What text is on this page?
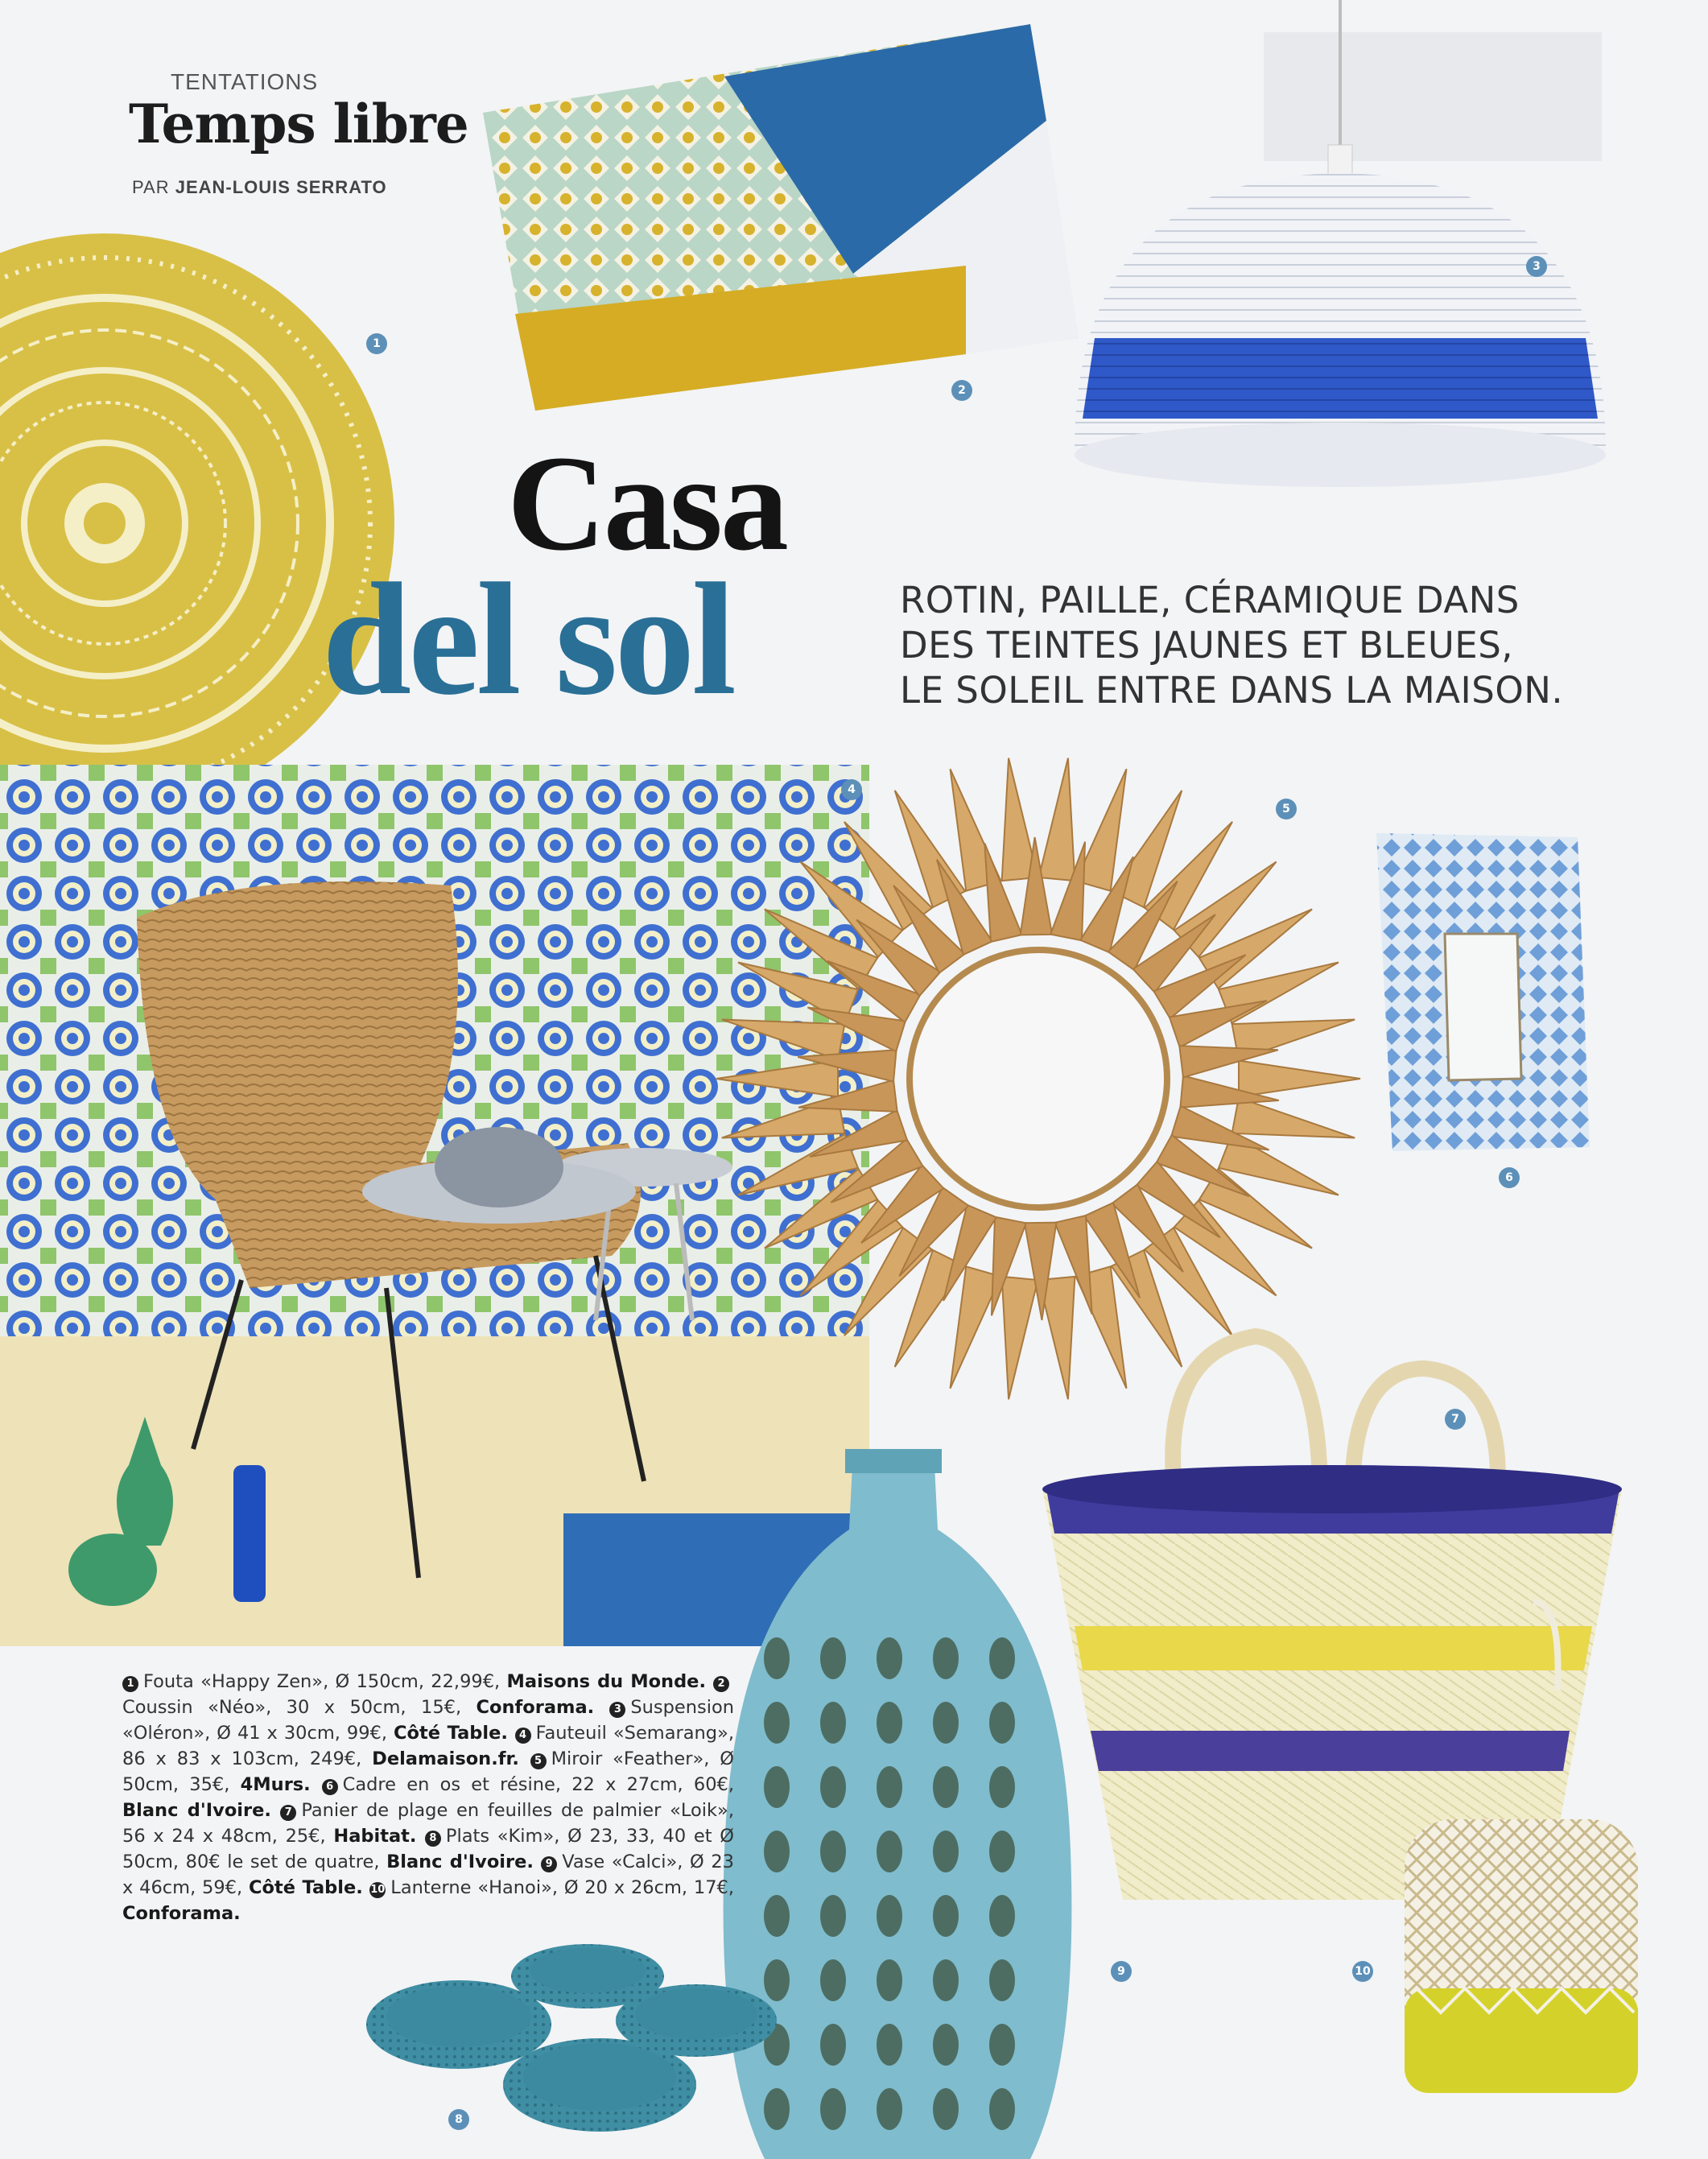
1
2
3
4
5
6
7
8
9	10
TENTATIONS
Temps libre
PAR JEAN-LOUIS SERRATO
Casa
del sol	ROTIN, PAILLE, CÉRAMIQUE DANS
DES TEINTES JAUNES ET BLEUES,
LE SOLEIL ENTRE DANS LA MAISON.
1 Fouta «Happy Zen», Ø 150cm, 22,99€, Maisons du Monde. 2Coussin «Néo», 30 x 50cm, 15€, Conforama. 3 Suspension «Oléron», Ø 41 x 30cm, 99€, Côté Table. 4 Fauteuil «Semarang», 86 x 83 x 103cm, 249€, Delamaison.fr. 5 Miroir «Feather», Ø 50cm, 35€, 4Murs. 6 Cadre en os et résine, 22 x 27cm, 60€, Blanc d'Ivoire. 7 Panier de plage en feuilles de palmier «Loik», 56 x 24 x 48cm, 25€, Habitat. 8 Plats «Kim», Ø 23, 33, 40 et Ø 50cm, 80€ le set de quatre, Blanc d'Ivoire. 9 Vase «Calci», Ø 23 x 46cm, 59€, Côté Table. 10 Lanterne «Hanoi», Ø 20 x 26cm, 17€, Conforama.
